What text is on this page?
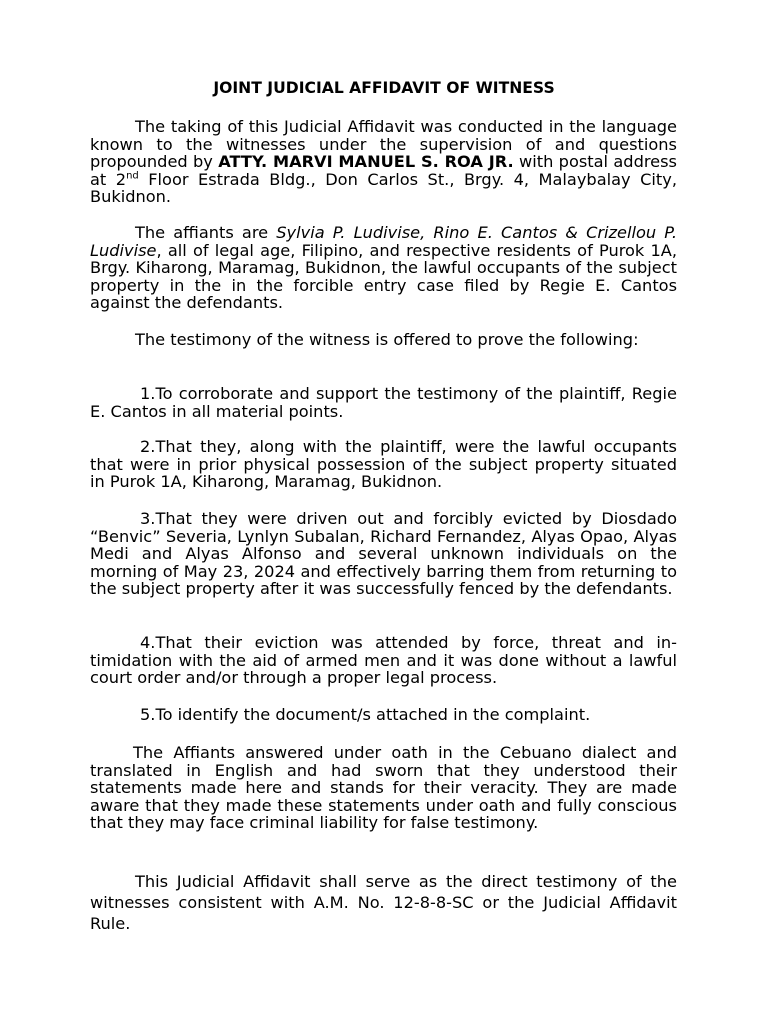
JOINT JUDICIAL AFFIDAVIT OF WITNESS

The taking of this Judicial Affidavit was conducted in the language known to the witnesses under the supervision of and questions propounded by ATTY. MARVI MANUEL S. ROA JR. with postal address at 2nd Floor Estrada Bldg., Don Carlos St., Brgy. 4, Malaybalay City, Bukidnon.

The affiants are Sylvia P. Ludivise, Rino E. Cantos & Crizellou P. Ludivise, all of legal age, Filipino, and respective residents of Purok 1A, Brgy. Kiharong, Maramag, Bukidnon, the lawful occupants of the subject property in the in the forcible entry case filed by Regie E. Cantos against the defendants.

The testimony of the witness is offered to prove the following:

1.To corroborate and support the testimony of the plaintiff, Regie E. Cantos in all material points.

2.That they, along with the plaintiff, were the lawful occupants that were in prior physical possession of the subject property situated in Purok 1A, Kiharong, Maramag, Bukidnon.

3.That they were driven out and forcibly evicted by Diosdado “Benvic” Severia, Lynlyn Subalan, Richard Fernandez, Alyas Opao, Alyas Medi and Alyas Alfonso and several unknown individuals on the morning of May 23, 2024 and effectively barring them from returning to the subject property after it was successfully fenced by the defendants.

4.That their eviction was attended by force, threat and intimidation with the aid of armed men and it was done without a lawful court order and/or through a proper legal process.

5.To identify the document/s attached in the complaint.

The Affiants answered under oath in the Cebuano dialect and translated in English and had sworn that they understood their statements made here and stands for their veracity. They are made aware that they made these statements under oath and fully conscious that they may face criminal liability for false testimony.

This Judicial Affidavit shall serve as the direct testimony of the witnesses consistent with A.M. No. 12-8-8-SC or the Judicial Affidavit Rule.
